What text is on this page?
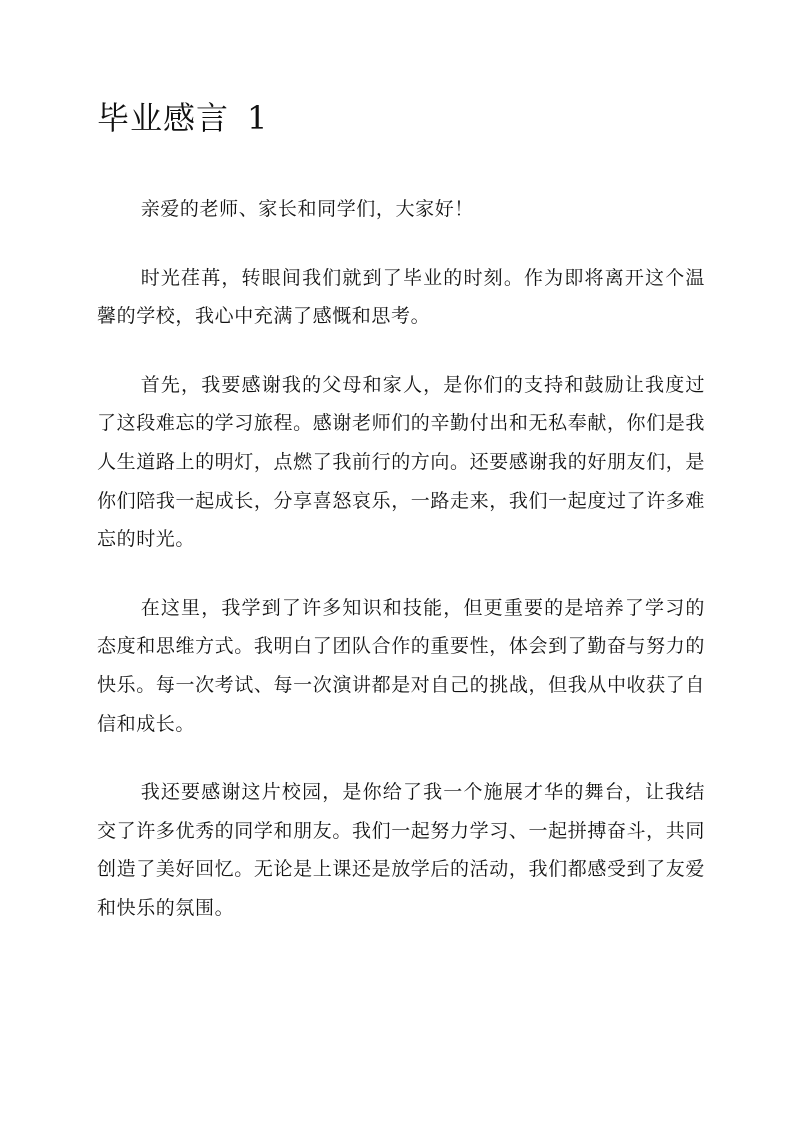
毕业感言 1

亲爱的老师、家长和同学们，大家好！

时光荏苒，转眼间我们就到了毕业的时刻。作为即将离开这个温馨的学校，我心中充满了感慨和思考。

首先，我要感谢我的父母和家人，是你们的支持和鼓励让我度过了这段难忘的学习旅程。感谢老师们的辛勤付出和无私奉献，你们是我人生道路上的明灯，点燃了我前行的方向。还要感谢我的好朋友们，是你们陪我一起成长，分享喜怒哀乐，一路走来，我们一起度过了许多难忘的时光。

在这里，我学到了许多知识和技能，但更重要的是培养了学习的态度和思维方式。我明白了团队合作的重要性，体会到了勤奋与努力的快乐。每一次考试、每一次演讲都是对自己的挑战，但我从中收获了自信和成长。

我还要感谢这片校园，是你给了我一个施展才华的舞台，让我结交了许多优秀的同学和朋友。我们一起努力学习、一起拼搏奋斗，共同创造了美好回忆。无论是上课还是放学后的活动，我们都感受到了友爱和快乐的氛围。
